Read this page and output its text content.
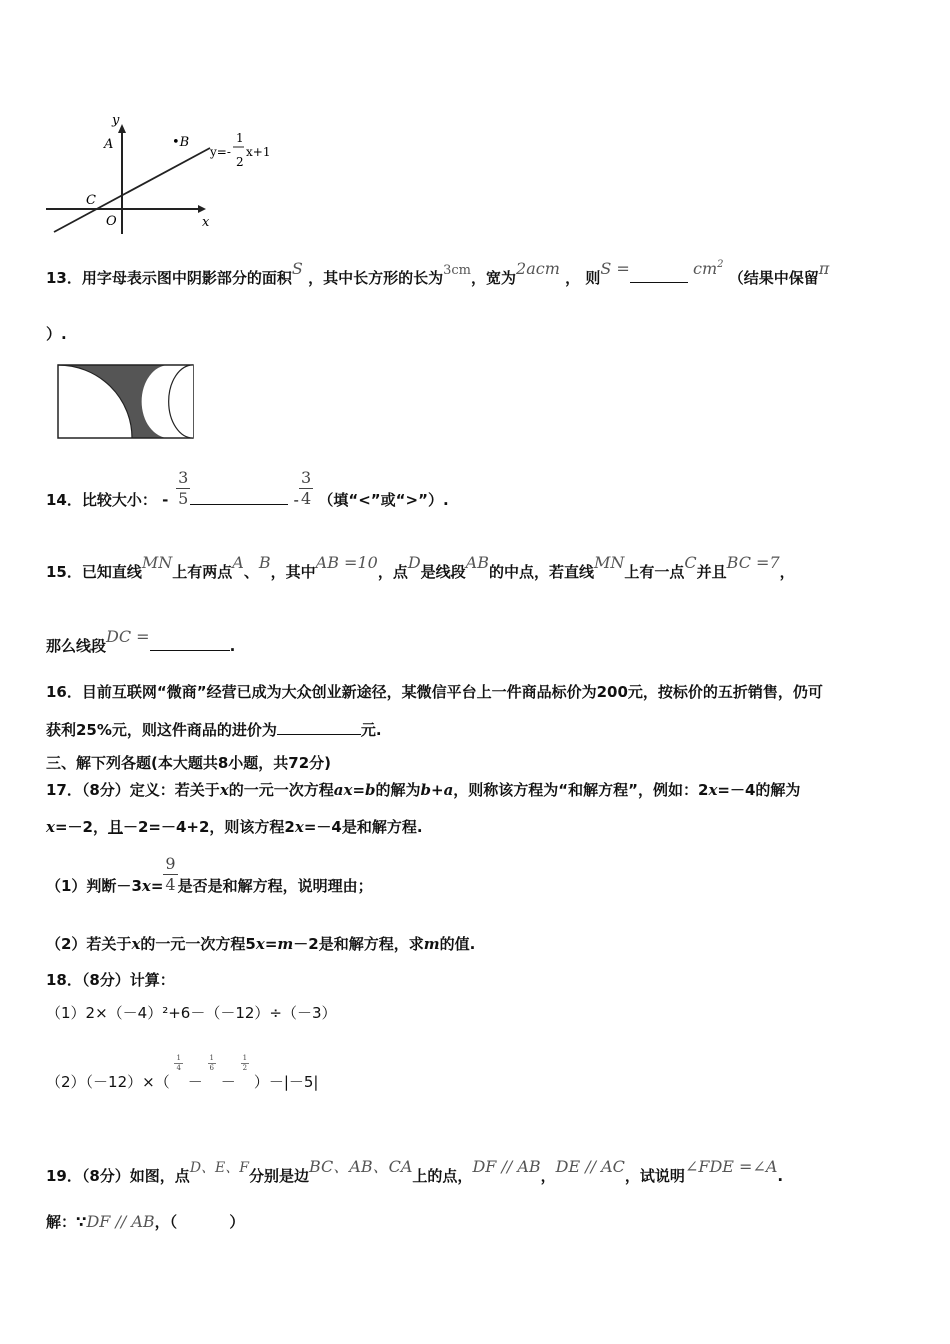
y
x
A	•B
C
O
y=-
1
2
x+1
13．用字母表示图中阴影部分的面积S ，其中长方形的长为3cm，宽为2acm ， 则S =	$cm^2$ （结果中保留π
）.
14．比较大小： - $\frac{3}{5}$	- $\frac{3}{4}$ （填“<”或“>”）.
15．已知直线MN上有两点A、B，其中AB =10，点D是线段AB的中点，若直线MN上有一点C并且BC =7，
那么线段DC =	.
16．目前互联网“微商”经营已成为大众创业新途径，某微信平台上一件商品标价为200元，按标价的五折销售，仍可
获利25%元，则这件商品的进价为	元.
三、解下列各题(本大题共8小题，共72分)
17．（8分）定义：若关于x的一元一次方程ax=b的解为b+a，则称该方程为“和解方程”，例如：2x=－4的解为
x=－2，且－2=－4+2，则该方程2x=－4是和解方程.
（1）判断$-3x= \frac{9}{4}$ 是否是和解方程，说明理由；
（2）若关于x的一元一次方程5x=m－2是和解方程，求m的值.
18．（8分）计算：
（1）2×（－4）²+6－（－12）÷（－3）
（2）（－12）×（
$\frac{1}{4}$
－
$\frac{1}{6}$
－
$\frac{1}{2}$
）－|－5|
19．（8分）如图，点D、E、F分别是边BC、AB、CA上的点，DF // AB，DE // AC，试说明∠FDE =∠A.
解：∵DF // AB，（          ）
